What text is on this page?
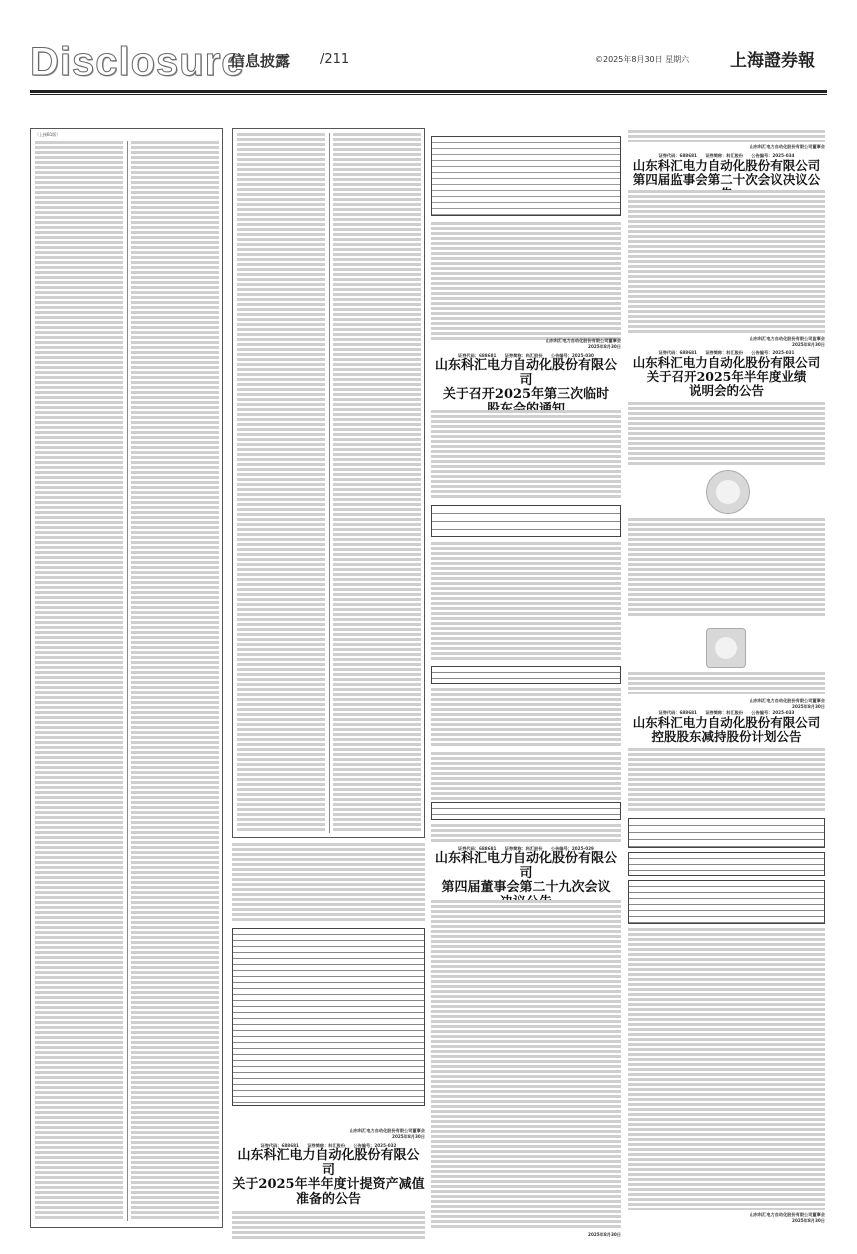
Disclosure
信息披露 /211	©2025年8月30日 星期六 上海證券報
（上接B1版）
山东科汇电力自动化股份有限公司董事会
2025年8月30日
证券代码：688681　　证券简称：科汇股份　　公告编号：2025-032
山东科汇电力自动化股份有限公司
关于2025年半年度计提资产减值
准备的公告
山东科汇电力自动化股份有限公司董事会
2025年8月30日
证券代码：688681　　证券简称：科汇股份　　公告编号：2025-030
山东科汇电力自动化股份有限公司
关于召开2025年第三次临时
证券代码：688681　　证券简称：科汇股份　　公告编号：2025-029
山东科汇电力自动化股份有限公司
第四届董事会第二十九次会议
山东科汇电力自动化股份有限公司董事会
证券代码：688681　　证券简称：科汇股份　　公告编号：2025-034
山东科汇电力自动化股份有限公司
第四届监事会第二十次会议决议公
山东科汇电力自动化股份有限公司监事会
2025年8月30日
证券代码：688681　　证券简称：科汇股份　　公告编号：2025-031
山东科汇电力自动化股份有限公司
关于召开2025年半年度业绩
说明会的公告
山东科汇电力自动化股份有限公司董事会
2025年8月30日
证券代码：688681　　证券简称：科汇股份　　公告编号：2025-033
山东科汇电力自动化股份有限公司
控股股东减持股份计划公告
山东科汇电力自动化股份有限公司董事会
2025年8月30日
2025年8月30日
